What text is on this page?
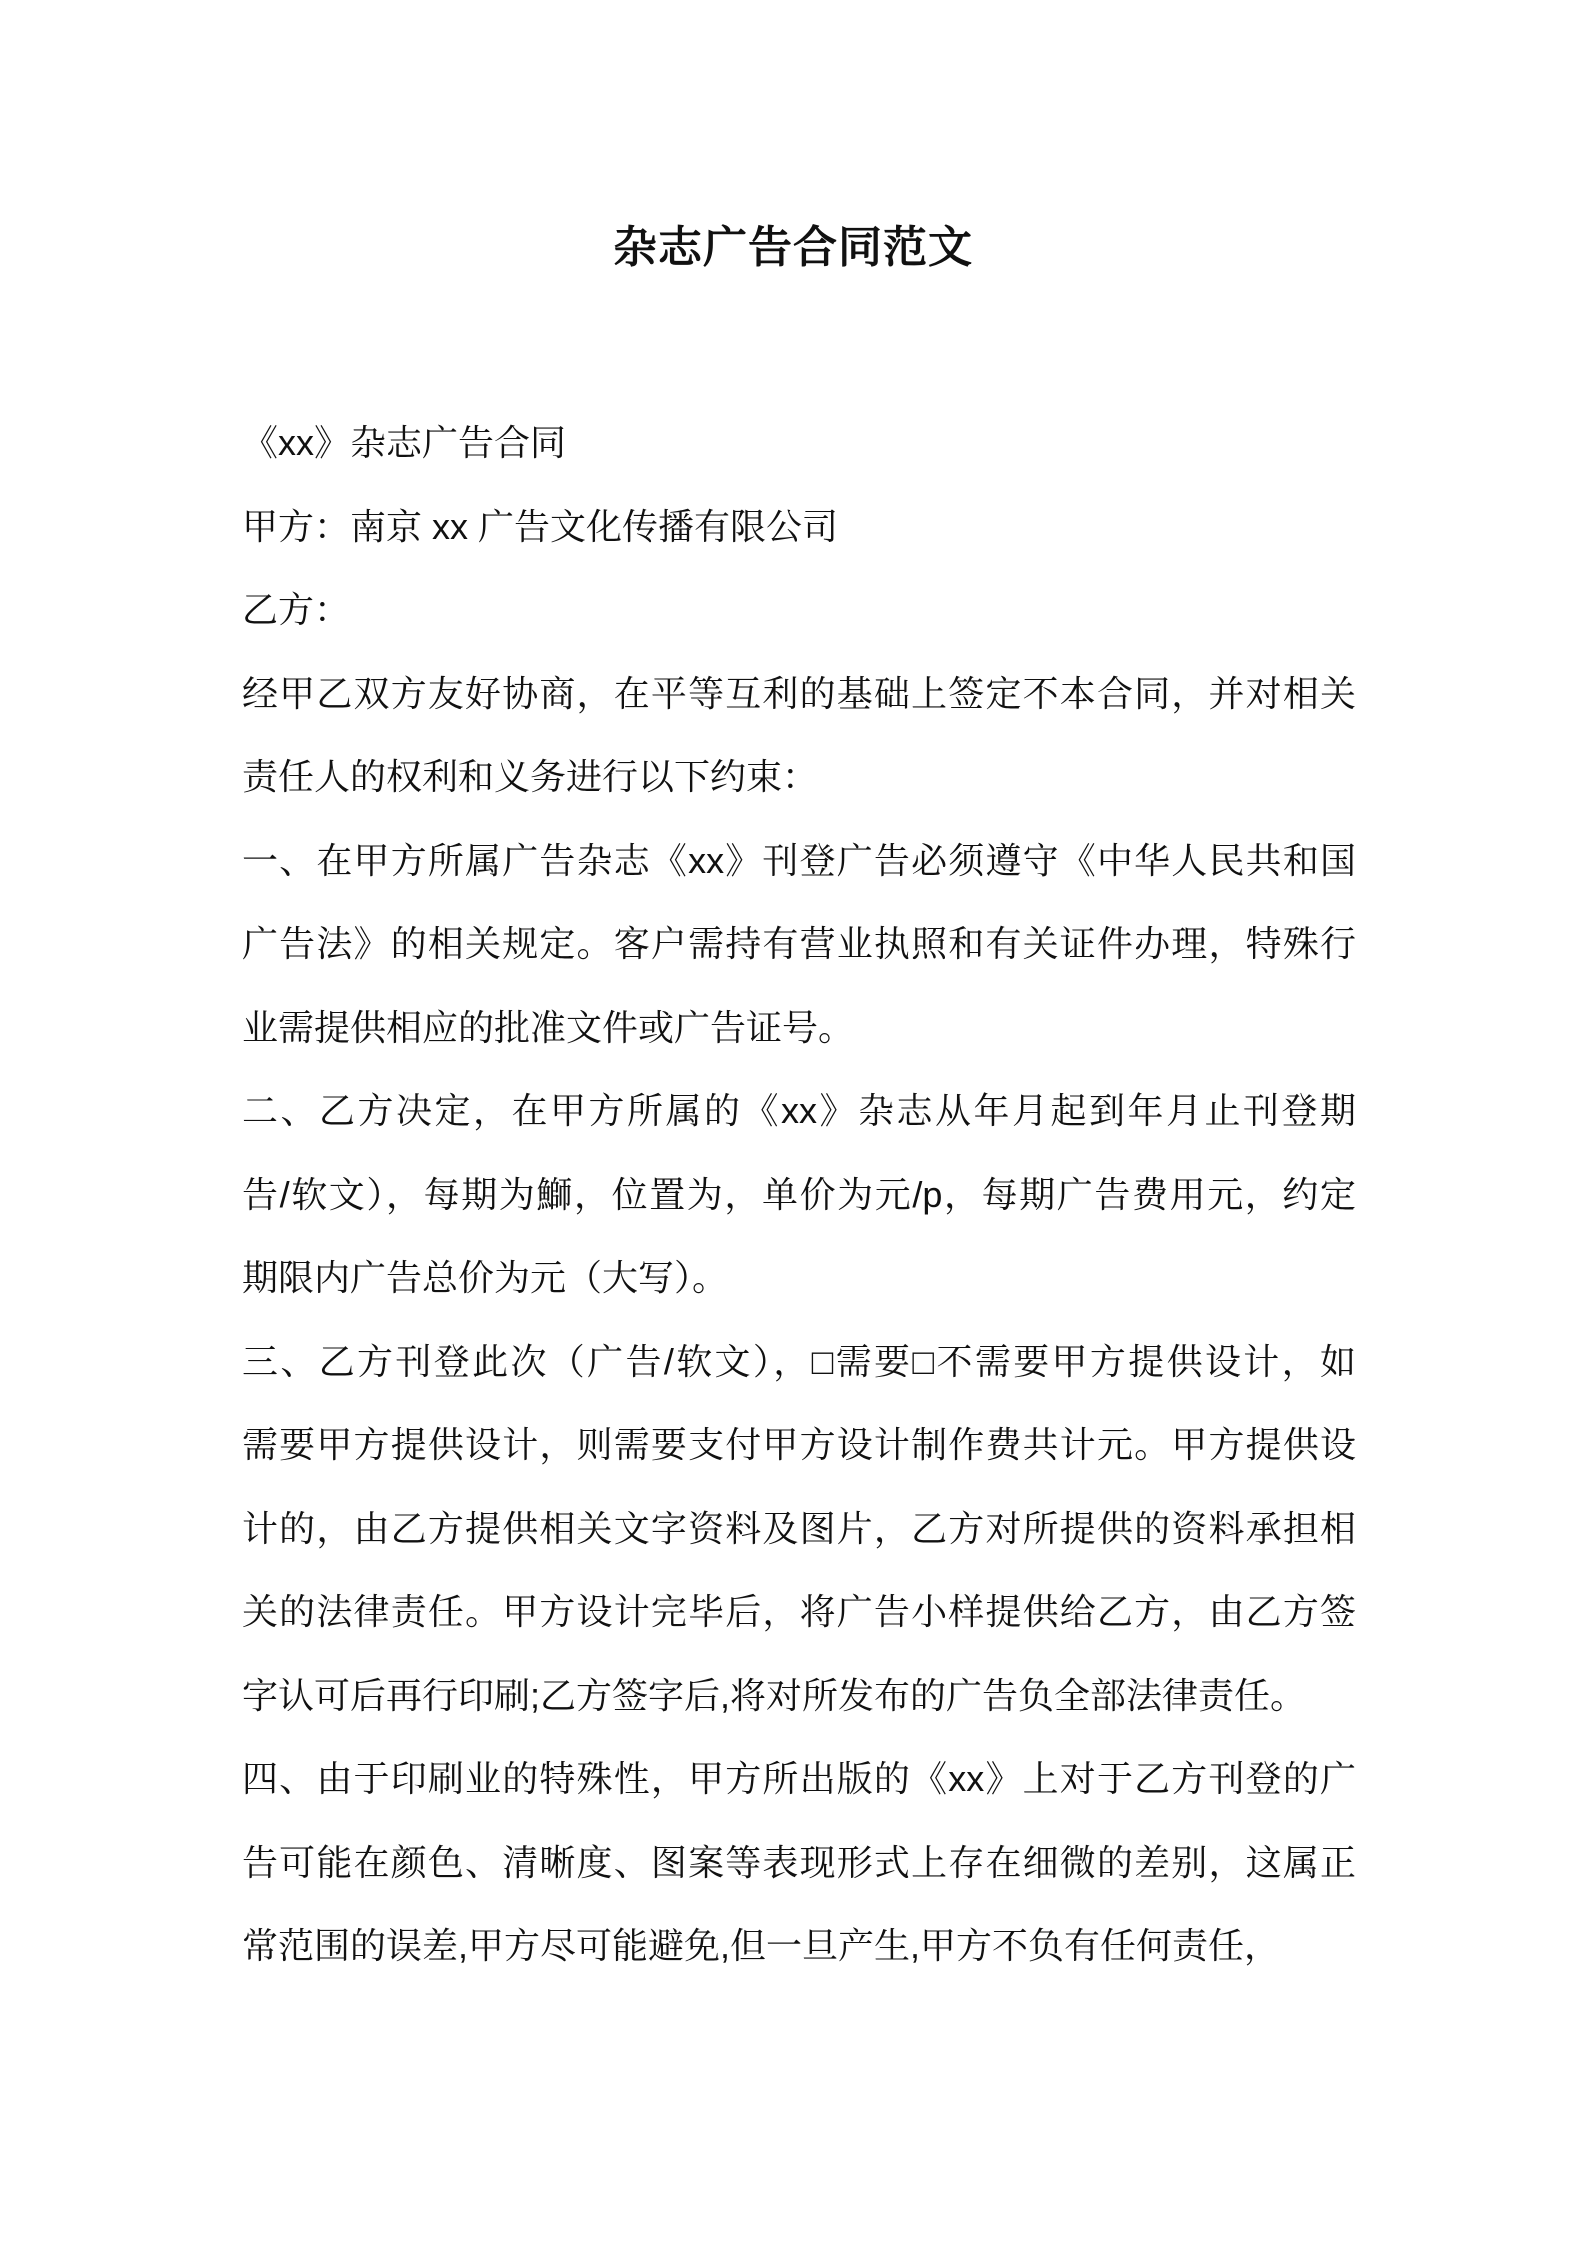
杂志广告合同范文
《xx》杂志广告合同
甲方：南京 xx 广告文化传播有限公司
乙方：
经甲乙双方友好协商，在平等互利的基础上签定不本合同，并对相关
责任人的权利和义务进行以下约束：
一、在甲方所属广告杂志《xx》刊登广告必须遵守《中华人民共和国
广告法》的相关规定。客户需持有营业执照和有关证件办理，特殊行
业需提供相应的批准文件或广告证号。
二、乙方决定，在甲方所属的《xx》杂志从年月起到年月止刊登期
告/软文），每期为鰤，位置为，单价为元/p，每期广告费用元，约定
期限内广告总价为元（大写）。
三、乙方刊登此次（广告/软文），□需要□不需要甲方提供设计，如
需要甲方提供设计，则需要支付甲方设计制作费共计元。甲方提供设
计的，由乙方提供相关文字资料及图片，乙方对所提供的资料承担相
关的法律责任。甲方设计完毕后，将广告小样提供给乙方，由乙方签
字认可后再行印刷;乙方签字后,将对所发布的广告负全部法律责任。
四、由于印刷业的特殊性，甲方所出版的《xx》上对于乙方刊登的广
告可能在颜色、清晰度、图案等表现形式上存在细微的差别，这属正
常范围的误差,甲方尽可能避免,但一旦产生,甲方不负有任何责任，
